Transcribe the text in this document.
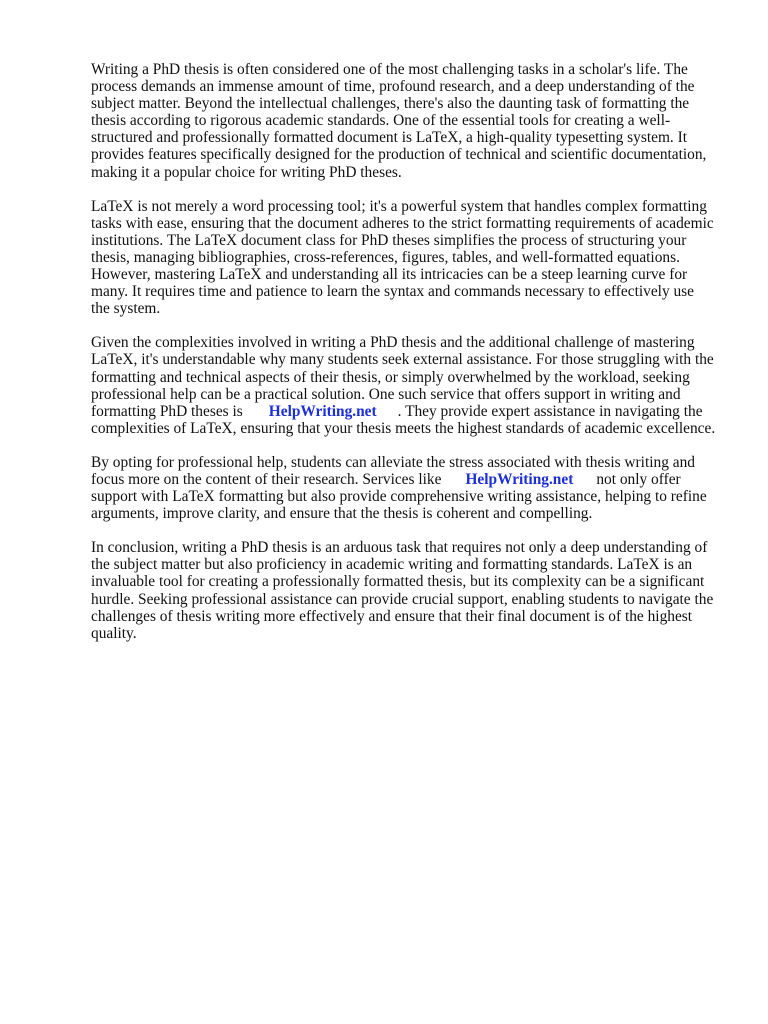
Writing a PhD thesis is often considered one of the most challenging tasks in a scholar's life. The
process demands an immense amount of time, profound research, and a deep understanding of the
subject matter. Beyond the intellectual challenges, there's also the daunting task of formatting the
thesis according to rigorous academic standards. One of the essential tools for creating a well-
structured and professionally formatted document is LaTeX, a high-quality typesetting system. It
provides features specifically designed for the production of technical and scientific documentation,
making it a popular choice for writing PhD theses.

LaTeX is not merely a word processing tool; it's a powerful system that handles complex formatting
tasks with ease, ensuring that the document adheres to the strict formatting requirements of academic
institutions. The LaTeX document class for PhD theses simplifies the process of structuring your
thesis, managing bibliographies, cross-references, figures, tables, and well-formatted equations.
However, mastering LaTeX and understanding all its intricacies can be a steep learning curve for
many. It requires time and patience to learn the syntax and commands necessary to effectively use
the system.

Given the complexities involved in writing a PhD thesis and the additional challenge of mastering
LaTeX, it's understandable why many students seek external assistance. For those struggling with the
formatting and technical aspects of their thesis, or simply overwhelmed by the workload, seeking
professional help can be a practical solution. One such service that offers support in writing and
formatting PhD theses is HelpWriting.net . They provide expert assistance in navigating the
complexities of LaTeX, ensuring that your thesis meets the highest standards of academic excellence.

By opting for professional help, students can alleviate the stress associated with thesis writing and
focus more on the content of their research. Services like HelpWriting.net not only offer
support with LaTeX formatting but also provide comprehensive writing assistance, helping to refine
arguments, improve clarity, and ensure that the thesis is coherent and compelling.

In conclusion, writing a PhD thesis is an arduous task that requires not only a deep understanding of
the subject matter but also proficiency in academic writing and formatting standards. LaTeX is an
invaluable tool for creating a professionally formatted thesis, but its complexity can be a significant
hurdle. Seeking professional assistance can provide crucial support, enabling students to navigate the
challenges of thesis writing more effectively and ensure that their final document is of the highest
quality.
